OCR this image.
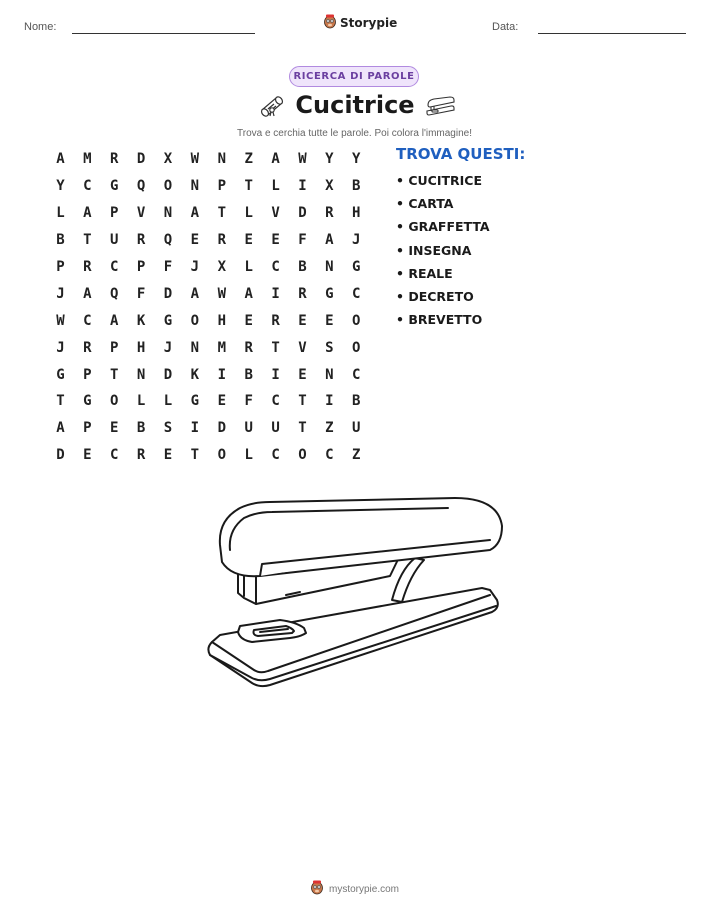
Nome:	Storypie	Data:
RICERCA DI PAROLE
Cucitrice
Trova e cerchia tutte le parole. Poi colora l'immagine!
A	M	R	D	X	W	N	Z	A	W	Y	Y
Y	C	G	Q	O	N	P	T	L	I	X	B
L	A	P	V	N	A	T	L	V	D	R	H
B	T	U	R	Q	E	R	E	E	F	A	J
P	R	C	P	F	J	X	L	C	B	N	G
J	A	Q	F	D	A	W	A	I	R	G	C
W	C	A	K	G	O	H	E	R	E	E	O
J	R	P	H	J	N	M	R	T	V	S	O
G	P	T	N	D	K	I	B	I	E	N	C
T	G	O	L	L	G	E	F	C	T	I	B
A	P	E	B	S	I	D	U	U	T	Z	U
D	E	C	R	E	T	O	L	C	O	C	Z
TROVA QUESTI:
• CUCITRICE
• CARTA
• GRAFFETTA
• INSEGNA
• REALE
• DECRETO
• BREVETTO
mystorypie.com
